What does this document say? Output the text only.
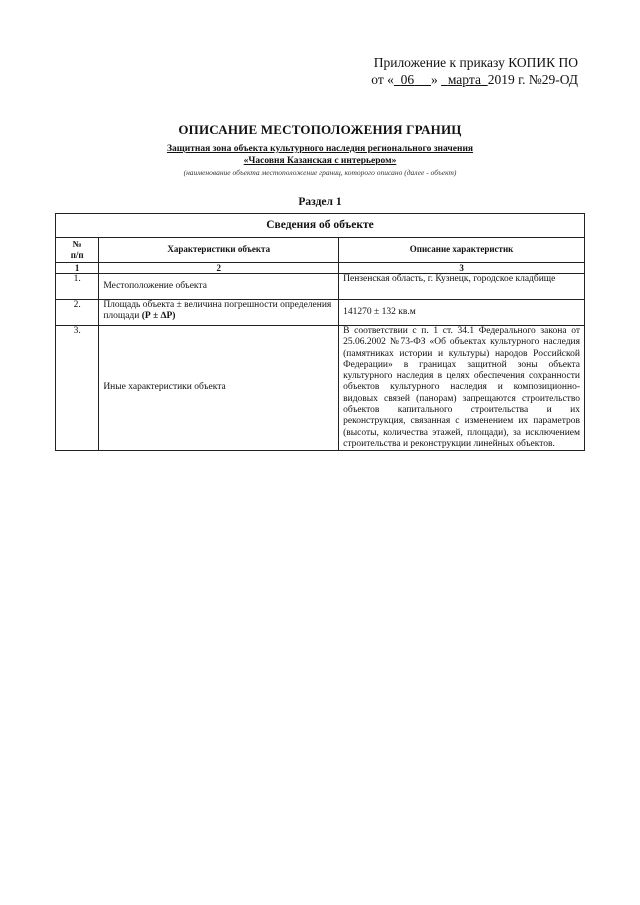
Приложение к приказу КОПИК ПО
от « 06 » марта 2019 г. №29-ОД
ОПИСАНИЕ МЕСТОПОЛОЖЕНИЯ ГРАНИЦ
Защитная зона объекта культурного наследия регионального значения
«Часовня Казанская с интерьером»
(наименование объекта местоположение границ, которого описано (далее - объект)
Раздел 1
Сведения об объекте		
№
п/п	Характеристики объекта	Описание характеристик
1	2	3
1.	Местоположение объекта	Пензенская область, г. Кузнецк, городское кладбище
2.	Площадь объекта ± величина погрешности определения площади (Р ± ∆Р)	141270 ± 132 кв.м
3.	Иные характеристики объекта	В соответствии с п. 1 ст. 34.1 Федерального закона от 25.06.2002 №73-ФЗ «Об объектах культурного наследия (памятниках истории и культуры) народов Российской Федерации» в границах защитной зоны объекта культурного наследия в целях обеспечения сохранности объектов культурного наследия и композиционно-видовых связей (панорам) запрещаются строительство объектов капитального строительства и их реконструкция, связанная с изменением их параметров (высоты, количества этажей, площади), за исключением строительства и реконструкции линейных объектов.
